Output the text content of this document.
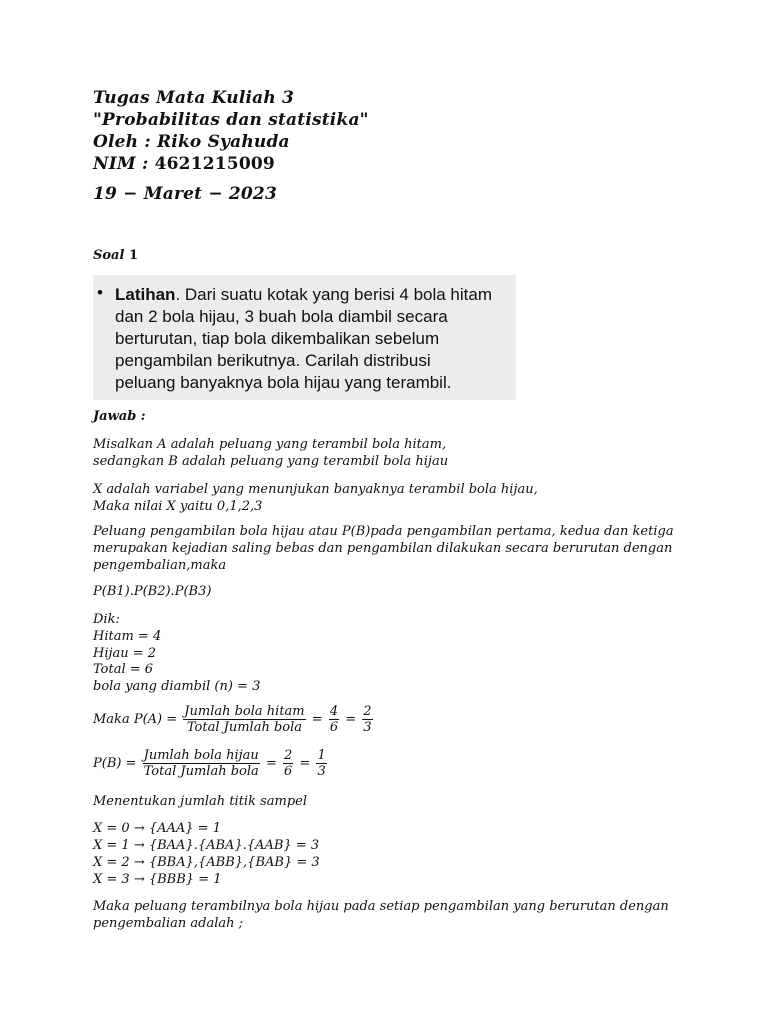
Tugas Mata Kuliah 3
"Probabilitas dan statistika"
Oleh : Riko Syahuda
NIM : 4621215009
19 − Maret − 2023
Soal 1
• Latihan. Dari suatu kotak yang berisi 4 bola hitam
dan 2 bola hijau, 3 buah bola diambil secara
berturutan, tiap bola dikembalikan sebelum
pengambilan berikutnya. Carilah distribusi
peluang banyaknya bola hijau yang terambil.
Jawab :
Misalkan A adalah peluang yang terambil bola hitam,
sedangkan B adalah peluang yang terambil bola hijau
X adalah variabel yang menunjukan banyaknya terambil bola hijau,
Maka nilai X yaitu 0,1,2,3
Peluang pengambilan bola hijau atau P(B)pada pengambilan pertama, kedua dan ketiga
merupakan kejadian saling bebas dan pengambilan dilakukan secara berurutan dengan
pengembalian,maka
P(B1).P(B2).P(B3)
Dik:
Hitam = 4
Hijau = 2
Total = 6
bola yang diambil (n) = 3
Maka $P(A) = \frac{\text{Jumlah bola hitam}}{\text{Total Jumlah bola}} = \frac{4}{6} = \frac{2}{3}$
$P(B) = \frac{\text{Jumlah bola hijau}}{\text{Total Jumlah bola}} = \frac{2}{6} = \frac{1}{3}$
Menentukan jumlah titik sampel
X = 0 → {AAA} = 1
X = 1 → {BAA}.{ABA}.{AAB} = 3
X = 2 → {BBA},{ABB},{BAB} = 3
X = 3 → {BBB} = 1
Maka peluang terambilnya bola hijau pada setiap pengambilan yang berurutan dengan
pengembalian adalah ;
